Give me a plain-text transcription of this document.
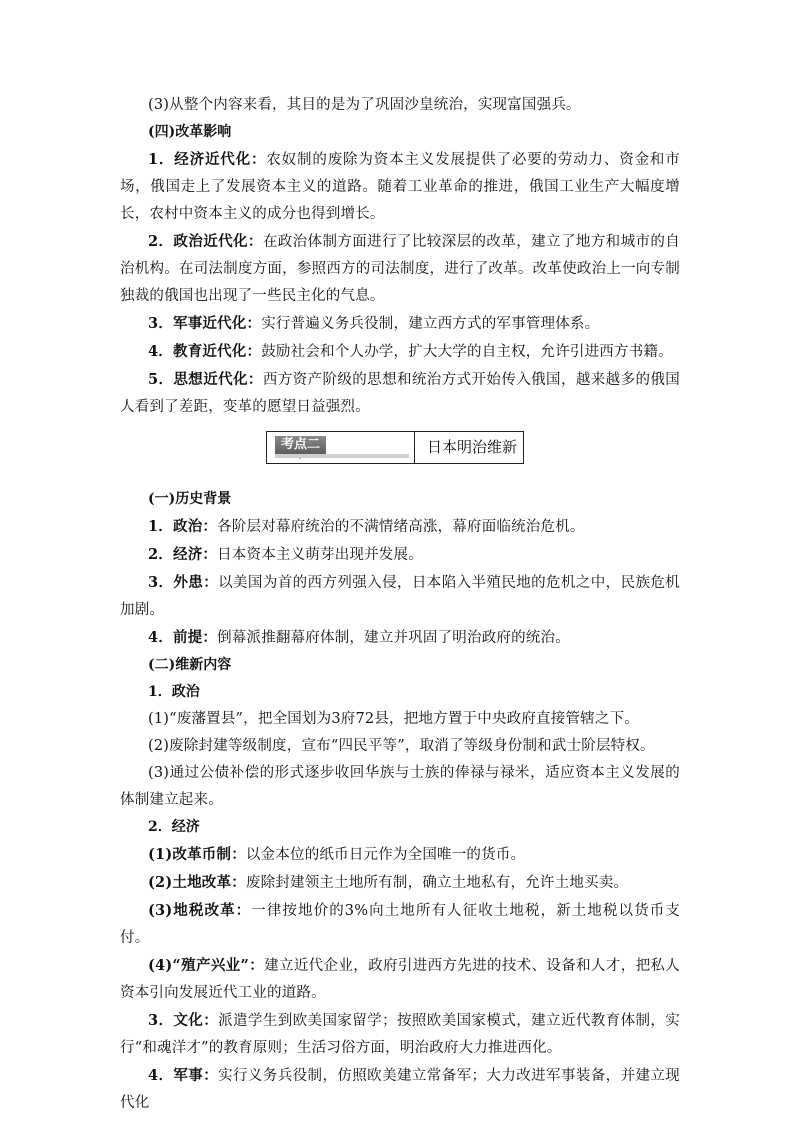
(3)从整个内容来看，其目的是为了巩固沙皇统治，实现富国强兵。

(四)改革影响

1．经济近代化：农奴制的废除为资本主义发展提供了必要的劳动力、资金和市场，俄国走上了发展资本主义的道路。随着工业革命的推进，俄国工业生产大幅度增长，农村中资本主义的成分也得到增长。

2．政治近代化：在政治体制方面进行了比较深层的改革，建立了地方和城市的自治机构。在司法制度方面，参照西方的司法制度，进行了改革。改革使政治上一向专制独裁的俄国也出现了一些民主化的气息。

3．军事近代化：实行普遍义务兵役制，建立西方式的军事管理体系。

4．教育近代化：鼓励社会和个人办学，扩大大学的自主权，允许引进西方书籍。

5．思想近代化：西方资产阶级的思想和统治方式开始传入俄国，越来越多的俄国人看到了差距，变革的愿望日益强烈。

考点二	日本明治维新

(一)历史背景

1．政治：各阶层对幕府统治的不满情绪高涨，幕府面临统治危机。

2．经济：日本资本主义萌芽出现并发展。

3．外患：以美国为首的西方列强入侵，日本陷入半殖民地的危机之中，民族危机加剧。

4．前提：倒幕派推翻幕府体制，建立并巩固了明治政府的统治。

(二)维新内容

1．政治

(1)“废藩置县”，把全国划为3府72县，把地方置于中央政府直接管辖之下。

(2)废除封建等级制度，宣布“四民平等”，取消了等级身份制和武士阶层特权。

(3)通过公债补偿的形式逐步收回华族与士族的俸禄与禄米，适应资本主义发展的体制建立起来。

2．经济

(1)改革币制：以金本位的纸币日元作为全国唯一的货币。

(2)土地改革：废除封建领主土地所有制，确立土地私有，允许土地买卖。

(3)地税改革：一律按地价的3%向土地所有人征收土地税，新土地税以货币支付。

(4)“殖产兴业”：建立近代企业，政府引进西方先进的技术、设备和人才，把私人资本引向发展近代工业的道路。

3．文化：派遣学生到欧美国家留学；按照欧美国家模式，建立近代教育体制，实行“和魂洋才”的教育原则；生活习俗方面，明治政府大力推进西化。

4．军事：实行义务兵役制，仿照欧美建立常备军；大力改进军事装备，并建立现代化
